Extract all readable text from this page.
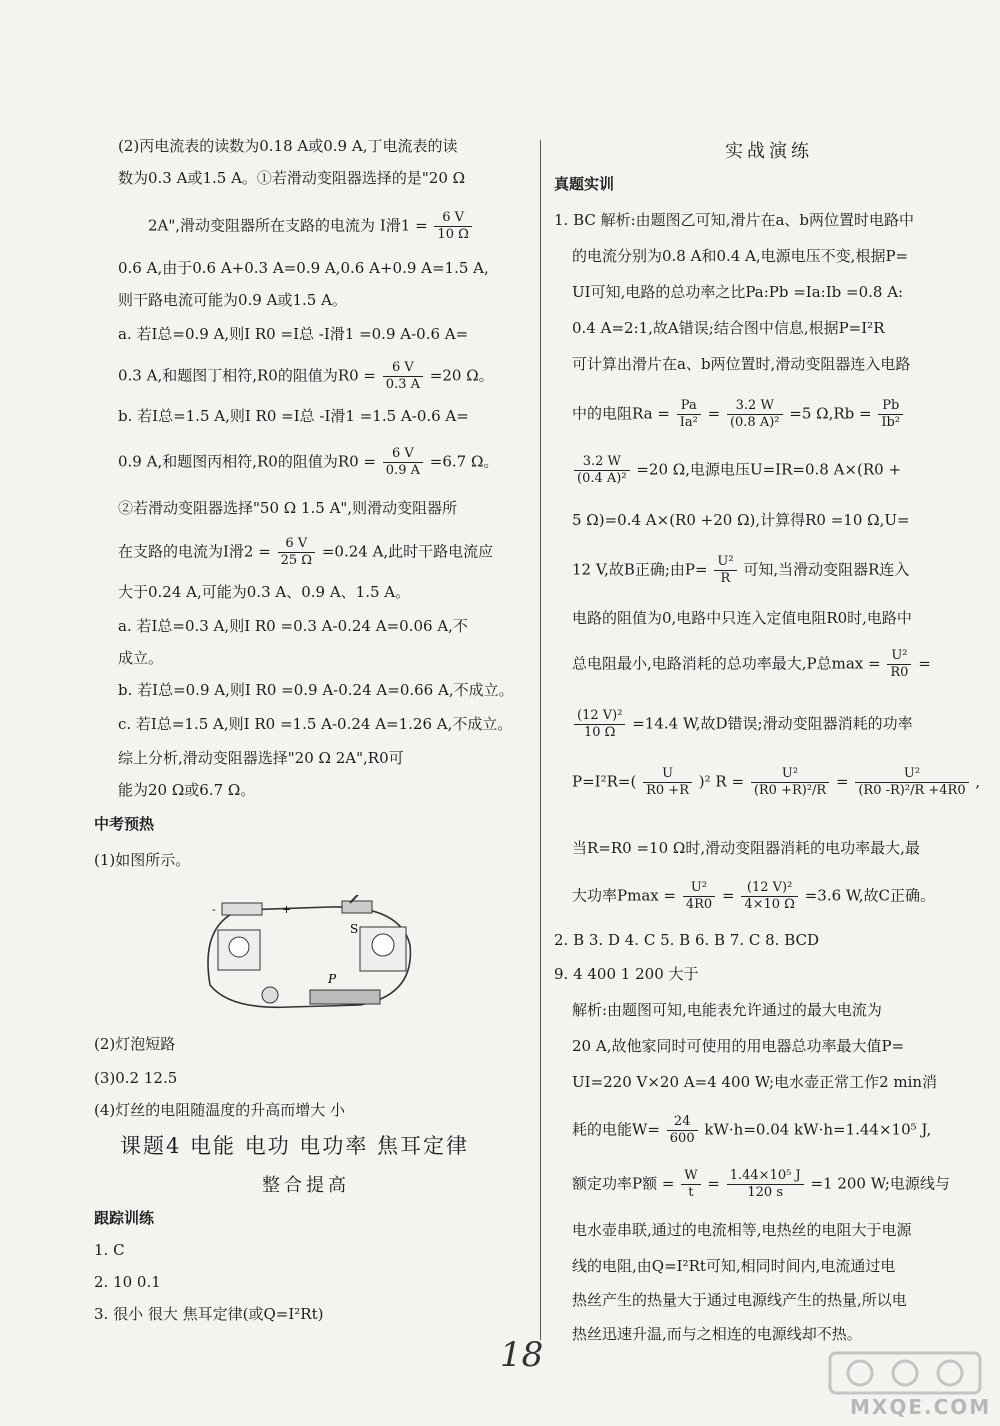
(2)丙电流表的读数为0.18 A或0.9 A,丁电流表的读
数为0.3 A或1.5 A。①若滑动变阻器选择的是"20 Ω
2A",滑动变阻器所在支路的电流为 I滑$1 = \frac{6 V}{10 \Omega}$
0.6 A,由于0.6 A+0.3 A=0.9 A,0.6 A+0.9 A=1.5 A,
则干路电流可能为0.9 A或1.5 A。
a. 若I总=0.9 A,则I R0 =I总 -I滑1 =0.9 A-0.6 A=
0.3 A,和题图丁相符,R0的阻值为$R0 = \frac{6 V}{0.3 A} =20$ Ω。
b. 若I总=1.5 A,则I R0 =I总 -I滑1 =1.5 A-0.6 A=
0.9 A,和题图丙相符,R0的阻值为$R0 = \frac{6 V}{0.9 A} =6.7$ Ω。
②若滑动变阻器选择"50 Ω 1.5 A",则滑动变阻器所
在支路的电流为I滑$2 = \frac{6 V}{25 \Omega} =0.24$ A,此时干路电流应
大于0.24 A,可能为0.3 A、0.9 A、1.5 A。
a. 若I总=0.3 A,则I R0 =0.3 A-0.24 A=0.06 A,不
成立。
b. 若I总=0.9 A,则I R0 =0.9 A-0.24 A=0.66 A,不成立。
c. 若I总=1.5 A,则I R0 =1.5 A-0.24 A=1.26 A,不成立。
综上分析,滑动变阻器选择"20 Ω 2A",R0可
能为20 Ω或6.7 Ω。
中考预热
(1)如图所示。
-	+
S
P
(2)灯泡短路
(3)0.2 12.5
(4)灯丝的电阻随温度的升高而增大 小
课题4 电能 电功 电功率 焦耳定律
整合提高
跟踪训练
1. C
2. 10 0.1
3. 很小 很大 焦耳定律(或Q=I²Rt)
实战演练
真题实训
1. BC 解析:由题图乙可知,滑片在a、b两位置时电路中
的电流分别为0.8 A和0.4 A,电源电压不变,根据P=
UI可知,电路的总功率之比Pa:Pb =Ia:Ib =0.8 A:
0.4 A=2:1,故A错误;结合图中信息,根据P=I²R
可计算出滑片在a、b两位置时,滑动变阻器连入电路
中的电阻$Ra = \frac{Pa}{\text{Ia²}} = \frac{3.2 W}{\text{(0.8 A)²}} =5$ $\Omega,Rb = \frac{Pb}{\text{Ib²}}$
$\frac{3.2 W}{\text{(0.4 A)²}} =20$ Ω,电源电压U=IR=0.8 A×(R0 +
5 Ω)=0.4 A×(R0 +20 Ω),计算得R0 =10 Ω,U=
12 V,故B正确;由$P= \frac{\text{U²}}{R}$ 可知,当滑动变阻器R连入
电路的阻值为0,电路中只连入定值电阻R0时,电路中
总电阻最小,电路消耗的总功率最大,P总$\max = \frac{\text{U²}}{R0}$ =
$\frac{\text{(12 V)²}}{10 \Omega} =14.4$ W,故D错误;滑动变阻器消耗的功率
$P=I^2R=( \frac{U}{R0 +R} )^2$ $R = \frac{\text{U²}}{\text{(R0 +R)²/R}} = \frac{\text{U²}}{\text{(R0 -R)²/R +4R0}}$ ,
当R=R0 =10 Ω时,滑动变阻器消耗的电功率最大,最
大功率$Pmax = \frac{\text{U²}}{4R0} = \frac{\text{(12 V)²}}{4\times 10 \Omega} =3.6$ W,故C正确。
2. B 3. D 4. C 5. B 6. B 7. C 8. BCD
9. 4 400 1 200 大于
解析:由题图可知,电能表允许通过的最大电流为
20 A,故他家同时可使用的用电器总功率最大值P=
UI=220 V×20 A=4 400 W;电水壶正常工作2 min消
耗的电能$W= \frac{24}{600} kW\cdot h=0.04$ kW·h=1.44×10⁵ J,
额定功率P额 = $\frac{W}{t} = \frac{\text{1.44×10⁵ J}}{120 s} =1$ 200 W;电源线与
电水壶串联,通过的电流相等,电热丝的电阻大于电源
线的电阻,由Q=I²Rt可知,相同时间内,电流通过电
热丝产生的热量大于通过电源线产生的热量,所以电
热丝迅速升温,而与之相连的电源线却不热。
18
MXQE.COM
